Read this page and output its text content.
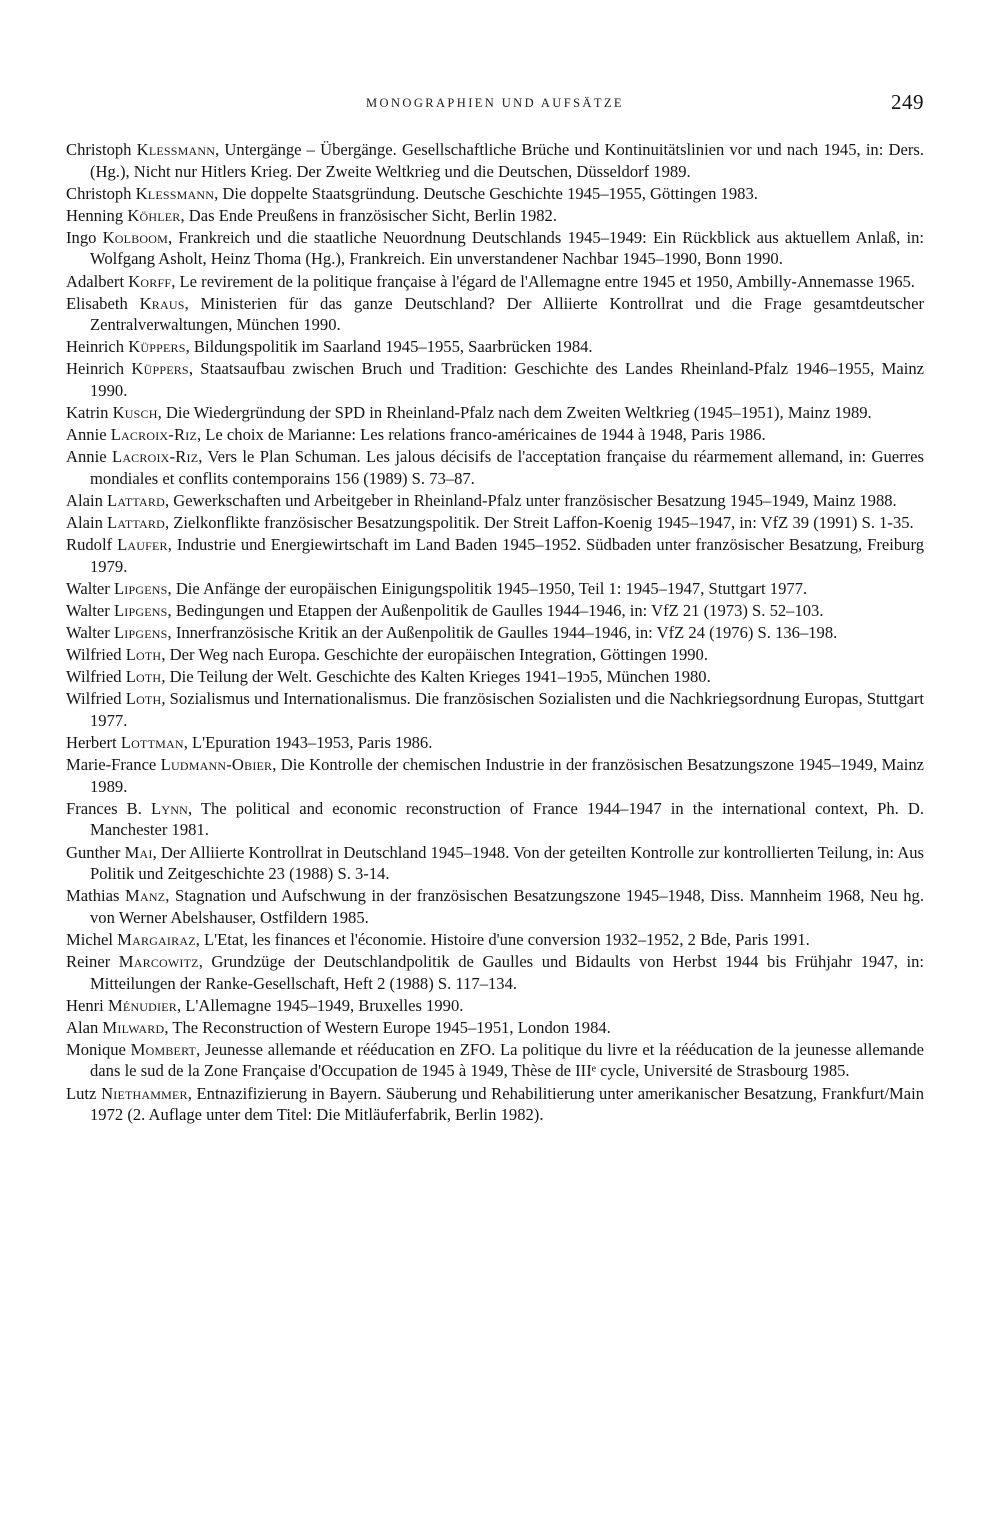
MONOGRAPHIEN UND AUFSÄTZE	249
Christoph Klessmann, Untergänge – Übergänge. Gesellschaftliche Brüche und Kontinuitätslinien vor und nach 1945, in: Ders. (Hg.), Nicht nur Hitlers Krieg. Der Zweite Weltkrieg und die Deutschen, Düsseldorf 1989.
Christoph Klessmann, Die doppelte Staatsgründung. Deutsche Geschichte 1945–1955, Göttingen 1983.
Henning Köhler, Das Ende Preußens in französischer Sicht, Berlin 1982.
Ingo Kolboom, Frankreich und die staatliche Neuordnung Deutschlands 1945–1949: Ein Rückblick aus aktuellem Anlaß, in: Wolfgang Asholt, Heinz Thoma (Hg.), Frankreich. Ein unverstandener Nachbar 1945–1990, Bonn 1990.
Adalbert Korff, Le revirement de la politique française à l'égard de l'Allemagne entre 1945 et 1950, Ambilly-Annemasse 1965.
Elisabeth Kraus, Ministerien für das ganze Deutschland? Der Alliierte Kontrollrat und die Frage gesamtdeutscher Zentralverwaltungen, München 1990.
Heinrich Küppers, Bildungspolitik im Saarland 1945–1955, Saarbrücken 1984.
Heinrich Küppers, Staatsaufbau zwischen Bruch und Tradition: Geschichte des Landes Rheinland-Pfalz 1946–1955, Mainz 1990.
Katrin Kusch, Die Wiedergründung der SPD in Rheinland-Pfalz nach dem Zweiten Weltkrieg (1945–1951), Mainz 1989.
Annie Lacroix-Riz, Le choix de Marianne: Les relations franco-américaines de 1944 à 1948, Paris 1986.
Annie Lacroix-Riz, Vers le Plan Schuman. Les jalous décisifs de l'acceptation française du réarmement allemand, in: Guerres mondiales et conflits contemporains 156 (1989) S. 73–87.
Alain Lattard, Gewerkschaften und Arbeitgeber in Rheinland-Pfalz unter französischer Besatzung 1945–1949, Mainz 1988.
Alain Lattard, Zielkonflikte französischer Besatzungspolitik. Der Streit Laffon-Koenig 1945–1947, in: VfZ 39 (1991) S. 1-35.
Rudolf Laufer, Industrie und Energiewirtschaft im Land Baden 1945–1952. Südbaden unter französischer Besatzung, Freiburg 1979.
Walter Lipgens, Die Anfänge der europäischen Einigungspolitik 1945–1950, Teil 1: 1945–1947, Stuttgart 1977.
Walter Lipgens, Bedingungen und Etappen der Außenpolitik de Gaulles 1944–1946, in: VfZ 21 (1973) S. 52–103.
Walter Lipgens, Innerfranzösische Kritik an der Außenpolitik de Gaulles 1944–1946, in: VfZ 24 (1976) S. 136–198.
Wilfried Loth, Der Weg nach Europa. Geschichte der europäischen Integration, Göttingen 1990.
Wilfried Loth, Die Teilung der Welt. Geschichte des Kalten Krieges 1941–19ɔ5, München 1980.
Wilfried Loth, Sozialismus und Internationalismus. Die französischen Sozialisten und die Nachkriegsordnung Europas, Stuttgart 1977.
Herbert Lottman, L'Epuration 1943–1953, Paris 1986.
Marie-France Ludmann-Obier, Die Kontrolle der chemischen Industrie in der französischen Besatzungszone 1945–1949, Mainz 1989.
Frances B. Lynn, The political and economic reconstruction of France 1944–1947 in the international context, Ph. D. Manchester 1981.
Gunther Mai, Der Alliierte Kontrollrat in Deutschland 1945–1948. Von der geteilten Kontrolle zur kontrollierten Teilung, in: Aus Politik und Zeitgeschichte 23 (1988) S. 3-14.
Mathias Manz, Stagnation und Aufschwung in der französischen Besatzungszone 1945–1948, Diss. Mannheim 1968, Neu hg. von Werner Abelshauser, Ostfildern 1985.
Michel Margairaz, L'Etat, les finances et l'économie. Histoire d'une conversion 1932–1952, 2 Bde, Paris 1991.
Reiner Marcowitz, Grundzüge der Deutschlandpolitik de Gaulles und Bidaults von Herbst 1944 bis Frühjahr 1947, in: Mitteilungen der Ranke-Gesellschaft, Heft 2 (1988) S. 117–134.
Henri Ménudier, L'Allemagne 1945–1949, Bruxelles 1990.
Alan Milward, The Reconstruction of Western Europe 1945–1951, London 1984.
Monique Mombert, Jeunesse allemande et rééducation en ZFO. La politique du livre et la rééducation de la jeunesse allemande dans le sud de la Zone Française d'Occupation de 1945 à 1949, Thèse de IIIᵉ cycle, Université de Strasbourg 1985.
Lutz Niethammer, Entnazifizierung in Bayern. Säuberung und Rehabilitierung unter amerikanischer Besatzung, Frankfurt/Main 1972 (2. Auflage unter dem Titel: Die Mitläuferfabrik, Berlin 1982).
